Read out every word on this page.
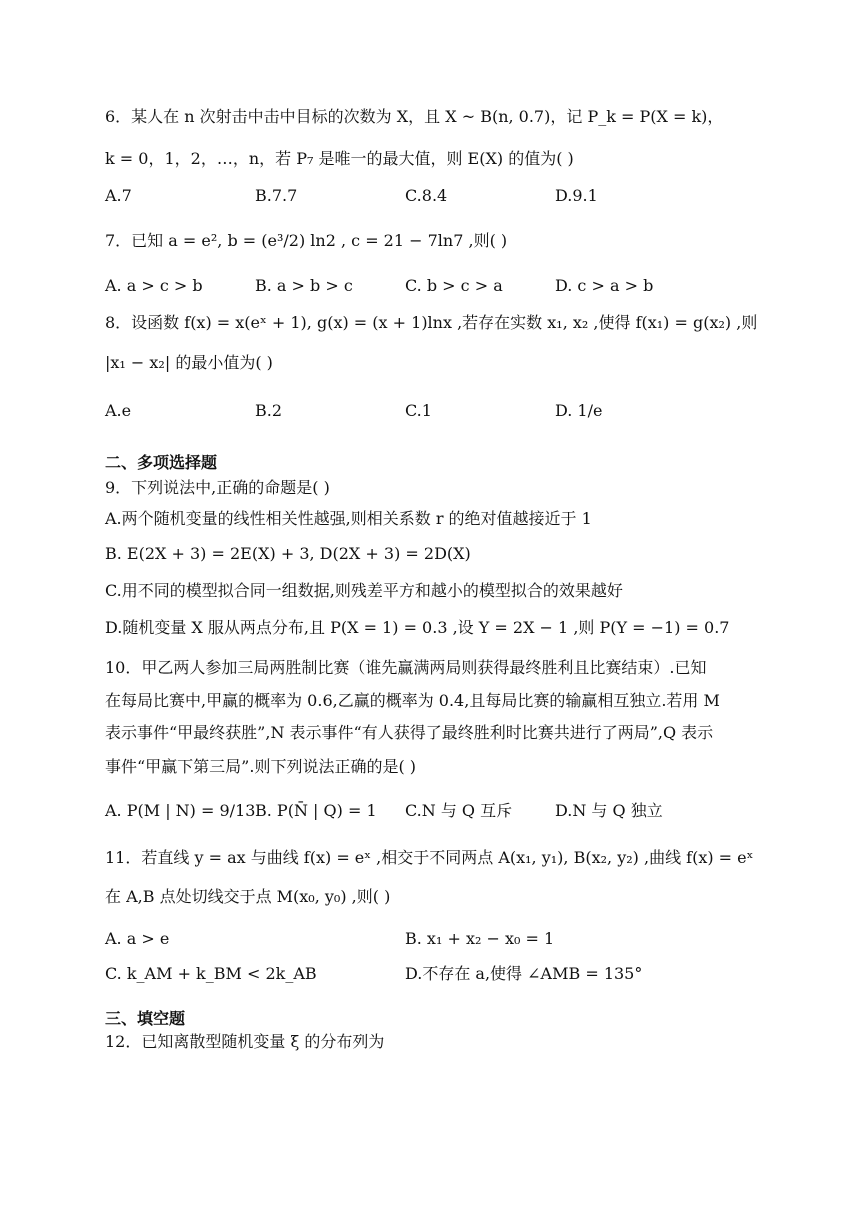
6．某人在 n 次射击中击中目标的次数为 X，且 X ~ B(n, 0.7)，记 P_k = P(X = k)，
k = 0，1，2，…，n，若 P₇ 是唯一的最大值，则 E(X) 的值为( )
A.7	B.7.7	C.8.4	D.9.1
7．已知 a = e², b = (e³/2) ln2 , c = 21 − 7ln7 ,则( )
A. a > c > b	B. a > b > c	C. b > c > a	D. c > a > b
8．设函数 f(x) = x(eˣ + 1), g(x) = (x + 1)lnx ,若存在实数 x₁, x₂ ,使得 f(x₁) = g(x₂) ,则
|x₁ − x₂| 的最小值为( )
A.e	B.2	C.1	D. 1/e
二、多项选择题
9．下列说法中,正确的命题是( )
A.两个随机变量的线性相关性越强,则相关系数 r 的绝对值越接近于 1
B. E(2X + 3) = 2E(X) + 3, D(2X + 3) = 2D(X)
C.用不同的模型拟合同一组数据,则残差平方和越小的模型拟合的效果越好
D.随机变量 X 服从两点分布,且 P(X = 1) = 0.3 ,设 Y = 2X − 1 ,则 P(Y = −1) = 0.7
10．甲乙两人参加三局两胜制比赛（谁先赢满两局则获得最终胜利且比赛结束）.已知
在每局比赛中,甲赢的概率为 0.6,乙赢的概率为 0.4,且每局比赛的输赢相互独立.若用 M
表示事件“甲最终获胜”,N 表示事件“有人获得了最终胜利时比赛共进行了两局”,Q 表示
事件“甲赢下第三局”.则下列说法正确的是( )
A. P(M | N) = 9/13 B. P(N̄ | Q) = 1 C.N 与 Q 互斥	D.N 与 Q 独立
11．若直线 y = ax 与曲线 f(x) = eˣ ,相交于不同两点 A(x₁, y₁), B(x₂, y₂) ,曲线 f(x) = eˣ
在 A,B 点处切线交于点 M(x₀, y₀) ,则( )
A. a > e	B. x₁ + x₂ − x₀ = 1
C. k_AM + k_BM < 2k_AB	D.不存在 a,使得 ∠AMB = 135°
三、填空题
12．已知离散型随机变量 ξ 的分布列为
